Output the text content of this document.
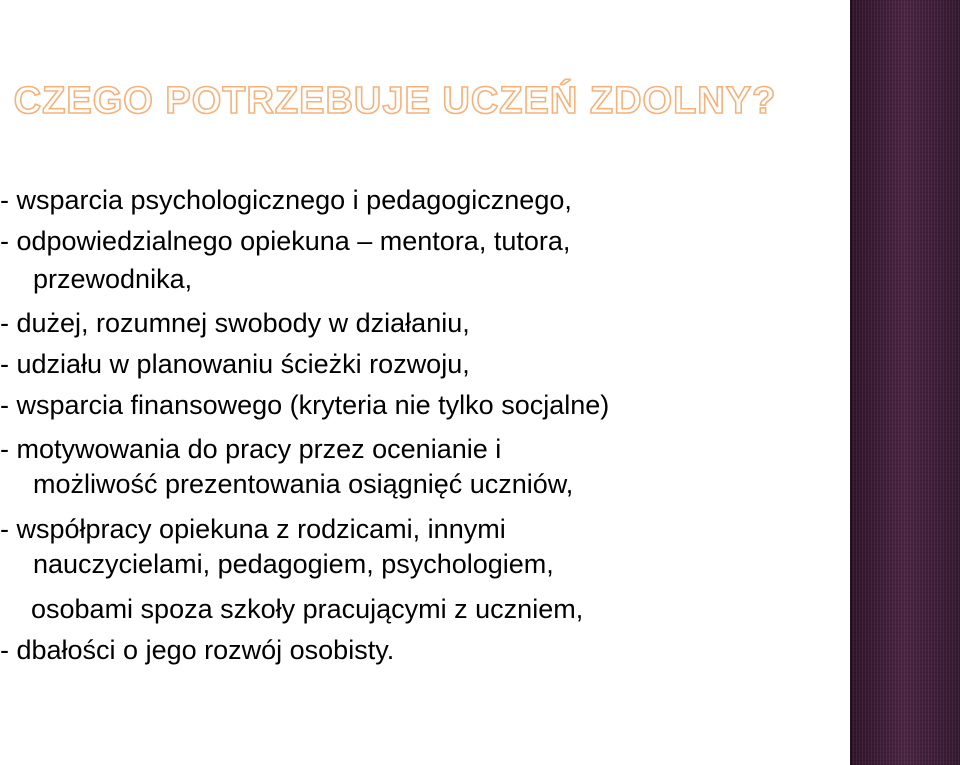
CZEGO POTRZEBUJE UCZEŃ ZDOLNY?
- wsparcia psychologicznego i pedagogicznego,
- odpowiedzialnego opiekuna – mentora, tutora,
przewodnika,
- dużej, rozumnej swobody w działaniu,
- udziału w planowaniu ścieżki rozwoju,
- wsparcia finansowego (kryteria nie tylko socjalne)
- motywowania do pracy przez ocenianie i
możliwość prezentowania osiągnięć uczniów,
- współpracy opiekuna z rodzicami, innymi
nauczycielami, pedagogiem, psychologiem,
osobami spoza szkoły pracującymi z uczniem,
- dbałości o jego rozwój osobisty.
